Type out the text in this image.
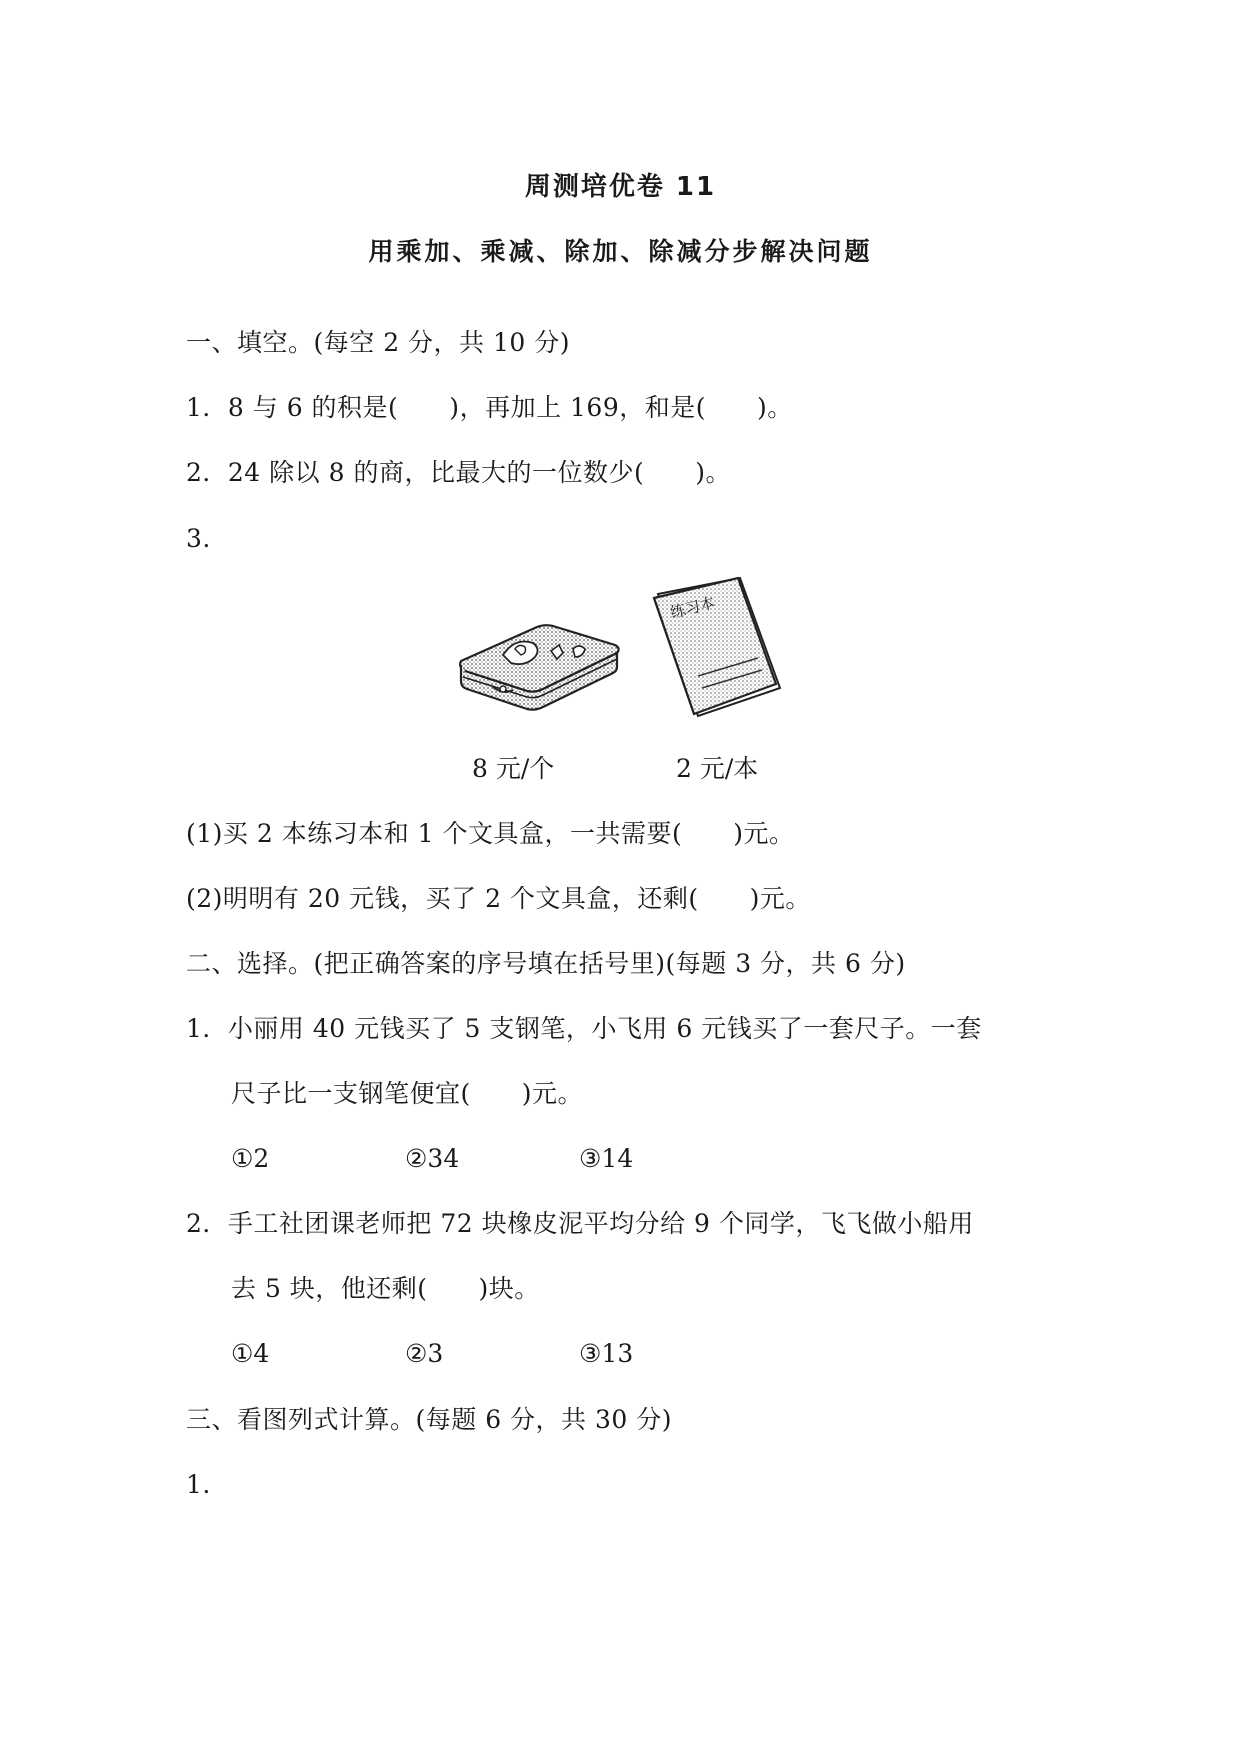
周测培优卷 11
用乘加、乘减、除加、除减分步解决问题
一、填空。(每空 2 分，共 10 分)
1．8 与 6 的积是(　　)，再加上 169，和是(　　)。
2．24 除以 8 的商，比最大的一位数少(　　)。
3.
练习本
8 元/个	2 元/本
(1)买 2 本练习本和 1 个文具盒，一共需要(　　)元。
(2)明明有 20 元钱，买了 2 个文具盒，还剩(　　)元。
二、选择。(把正确答案的序号填在括号里)(每题 3 分，共 6 分)
1．小丽用 40 元钱买了 5 支钢笔，小飞用 6 元钱买了一套尺子。一套
尺子比一支钢笔便宜(　　)元。
①2	②34	③14
2．手工社团课老师把 72 块橡皮泥平均分给 9 个同学，飞飞做小船用
去 5 块，他还剩(　　)块。
①4	②3	③13
三、看图列式计算。(每题 6 分，共 30 分)
1.
